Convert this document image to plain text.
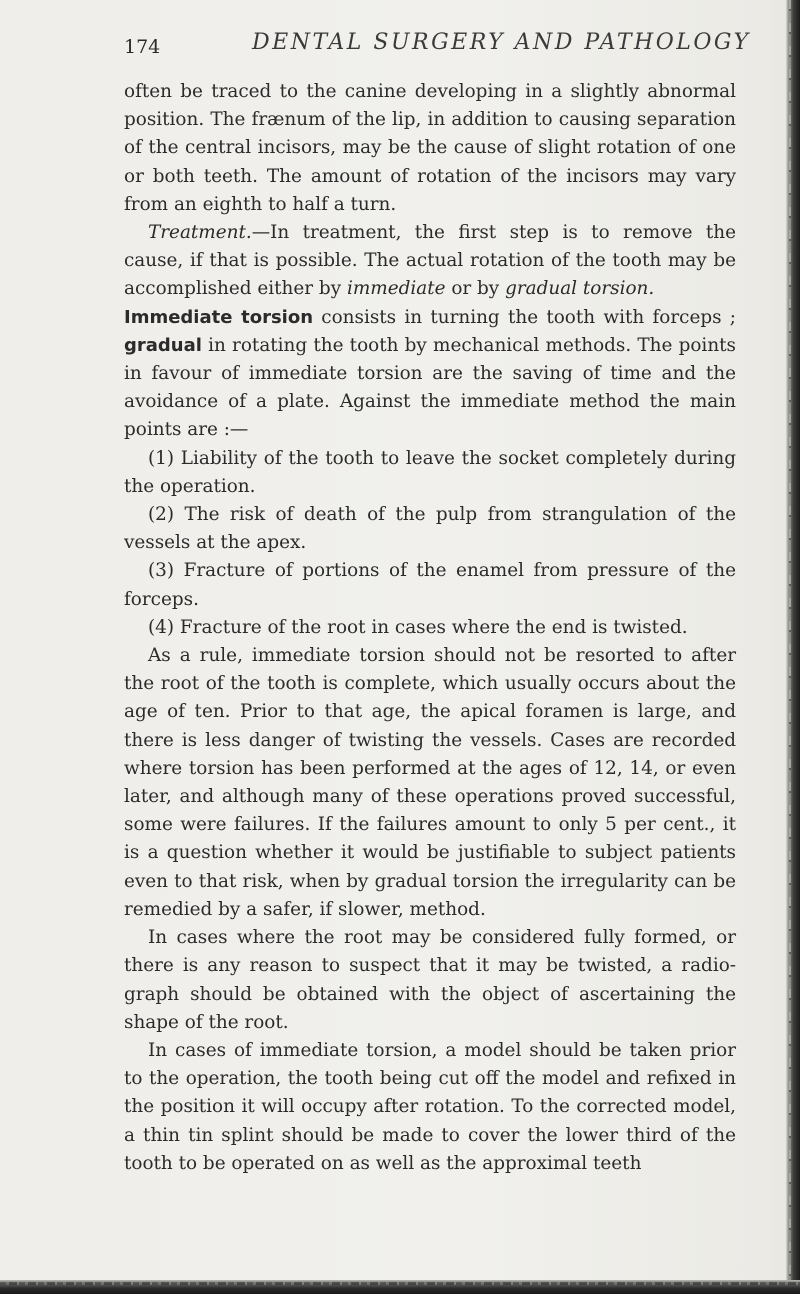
174	DENTAL SURGERY AND PATHOLOGY

often be traced to the canine developing in a slightly abnormal position. The frænum of the lip, in addition to causing separation of the central incisors, may be the cause of slight rotation of one or both teeth. The amount of rotation of the incisors may vary from an eighth to half a turn.

Treatment.—In treatment, the first step is to remove the cause, if that is possible. The actual rotation of the tooth may be accomplished either by immediate or by gradual torsion.

Immediate torsion consists in turning the tooth with forceps ; gradual in rotating the tooth by mechanical methods. The points in favour of immediate torsion are the saving of time and the avoidance of a plate. Against the immediate method the main points are :—

(1) Liability of the tooth to leave the socket completely during the operation.

(2) The risk of death of the pulp from strangulation of the vessels at the apex.

(3) Fracture of portions of the enamel from pressure of the forceps.

(4) Fracture of the root in cases where the end is twisted.

As a rule, immediate torsion should not be resorted to after the root of the tooth is complete, which usually occurs about the age of ten. Prior to that age, the apical foramen is large, and there is less danger of twisting the vessels. Cases are recorded where torsion has been performed at the ages of 12, 14, or even later, and although many of these operations proved successful, some were failures. If the failures amount to only 5 per cent., it is a question whether it would be justifiable to subject patients even to that risk, when by gradual torsion the irregularity can be remedied by a safer, if slower, method.

In cases where the root may be considered fully formed, or there is any reason to suspect that it may be twisted, a radio-graph should be obtained with the object of ascertaining the shape of the root.

In cases of immediate torsion, a model should be taken prior to the operation, the tooth being cut off the model and refixed in the position it will occupy after rotation. To the corrected model, a thin tin splint should be made to cover the lower third of the tooth to be operated on as well as the approximal teeth
